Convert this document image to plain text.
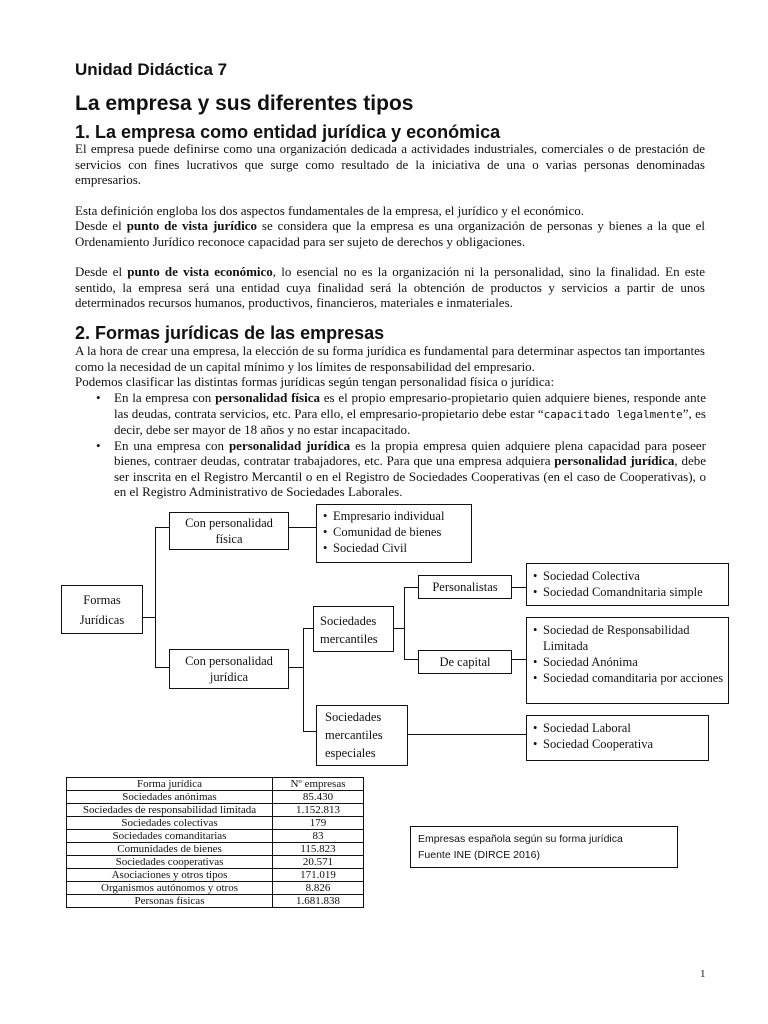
Unidad Didáctica 7
La empresa y sus diferentes tipos
1. La empresa como entidad jurídica y económica

El empresa puede definirse como una organización dedicada a actividades industriales, comerciales o de prestación de servicios con fines lucrativos que surge como resultado de la iniciativa de una o varias personas denominadas empresarios.

Esta definición engloba los dos aspectos fundamentales de la empresa, el jurídico y el económico.

Desde el punto de vista jurídico se considera que la empresa es una organización de personas y bienes a la que el Ordenamiento Jurídico reconoce capacidad para ser sujeto de derechos y obligaciones.

Desde el punto de vista económico, lo esencial no es la organización ni la personalidad, sino la finalidad. En este sentido, la empresa será una entidad cuya finalidad será la obtención de productos y servicios a partir de unos determinados recursos humanos, productivos, financieros, materiales e inmateriales.

2. Formas jurídicas de las empresas

A la hora de crear una empresa, la elección de su forma jurídica es fundamental para determinar aspectos tan importantes como la necesidad de un capital mínimo y los límites de responsabilidad del empresario.

Podemos clasificar las distintas formas jurídicas según tengan personalidad física o jurídica:

• En la empresa con personalidad física es el propio empresario-propietario quien adquiere bienes, responde ante las deudas, contrata servicios, etc. Para ello, el empresario-propietario debe estar “capacitado legalmente”, es decir, debe ser mayor de 18 años y no estar incapacitado.

• En una empresa con personalidad jurídica es la propia empresa quien adquiere plena capacidad para poseer bienes, contraer deudas, contratar trabajadores, etc. Para que una empresa adquiera personalidad jurídica, debe ser inscrita en el Registro Mercantil o en el Registro de Sociedades Cooperativas (en el caso de Cooperativas), o en el Registro Administrativo de Sociedades Laborales.

Formas Jurídicas
Con personalidad física
• Empresario individual
• Comunidad de bienes
• Sociedad Civil
Con personalidad jurídica
Sociedades mercantiles
Personalistas
• Sociedad Colectiva
• Sociedad Comandnitaria simple
De capital
• Sociedad de Responsabilidad Limitada
• Sociedad Anónima
• Sociedad comanditaria por acciones
Sociedades mercantiles especiales
• Sociedad Laboral
• Sociedad Cooperativa
Forma jurídica	Nº empresas
Sociedades anónimas	85.430
Sociedades de responsabilidad limitada	1.152.813
Sociedades colectivas	179
Sociedades comanditarias	83
Comunidades de bienes	115.823
Sociedades cooperativas	20.571
Asociaciones y otros tipos	171.019
Organismos autónomos y otros	8.826
Personas físicas	1.681.838
Empresas española según su forma jurídica
Fuente INE (DIRCE 2016)
1
